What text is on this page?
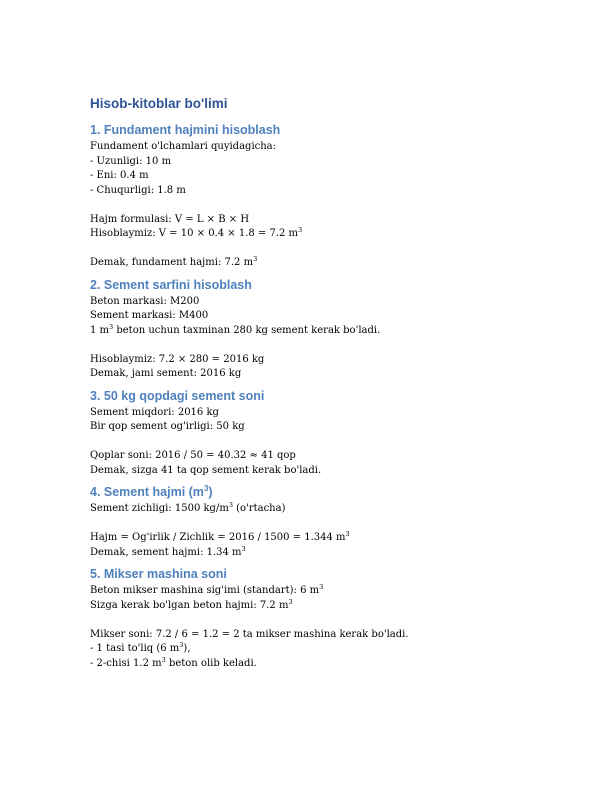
Hisob-kitoblar bo'limi
1. Fundament hajmini hisoblash
Fundament o'lchamlari quyidagicha:
- Uzunligi: 10 m
- Eni: 0.4 m
- Chuqurligi: 1.8 m
Hajm formulasi: V = L × B × H
Hisoblaymiz: V = 10 × 0.4 × 1.8 = 7.2 $m^3$
Demak, fundament hajmi: 7.2 $m^3$
2. Sement sarfini hisoblash
Beton markasi: M200
Sement markasi: M400
1 $m^3$ beton uchun taxminan 280 kg sement kerak bo'ladi.
Hisoblaymiz: 7.2 × 280 = 2016 kg
Demak, jami sement: 2016 kg
3. 50 kg qopdagi sement soni
Sement miqdori: 2016 kg
Bir qop sement og'irligi: 50 kg
Qoplar soni: 2016 / 50 = 40.32 ≈ 41 qop
Demak, sizga 41 ta qop sement kerak bo'ladi.
4. Sement hajmi $(m^3)$
Sement zichligi: 1500 $kg/m^3$ (o'rtacha)
Hajm = Og'irlik / Zichlik = 2016 / 1500 = 1.344 $m^3$
Demak, sement hajmi: 1.34 $m^3$
5. Mikser mashina soni
Beton mikser mashina sig'imi (standart): 6 $m^3$
Sizga kerak bo'lgan beton hajmi: 7.2 $m^3$
Mikser soni: 7.2 / 6 = 1.2 = 2 ta mikser mashina kerak bo'ladi.
- 1 tasi to'liq (6 $m^3$),
- 2-chisi 1.2 $m^3$ beton olib keladi.
